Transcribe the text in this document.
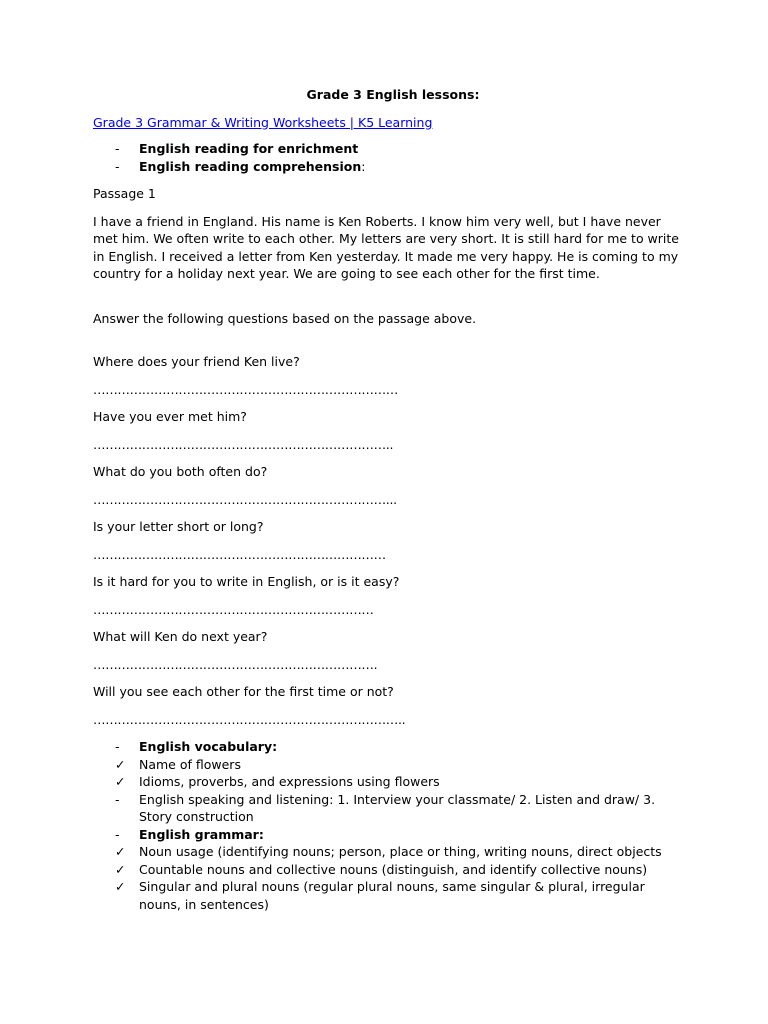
Grade 3 English lessons:
Grade 3 Grammar & Writing Worksheets | K5 Learning
-	English reading for enrichment
-	English reading comprehension:

Passage 1

I have a friend in England. His name is Ken Roberts. I know him very well, but I have never met him. We often write to each other. My letters are very short. It is still hard for me to write in English. I received a letter from Ken yesterday. It made me very happy. He is coming to my country for a holiday next year. We are going to see each other for the first time.

Answer the following questions based on the passage above.

Where does your friend Ken live?
…………………………………………………………………
Have you ever met him?
………………………………………………………………..
What do you both often do?
………………………………………………………………...
Is your letter short or long?
………………………………………………………………
Is it hard for you to write in English, or is it easy?
……………………………………………………………
What will Ken do next year?
…………………………………………………………….
Will you see each other for the first time or not?
…………………………………………………………………..
-	English vocabulary:
✓	Name of flowers
✓	Idioms, proverbs, and expressions using flowers
-	English speaking and listening: 1. Interview your classmate/ 2. Listen and draw/ 3. Story construction
-	English grammar:
✓	Noun usage (identifying nouns; person, place or thing, writing nouns, direct objects
✓	Countable nouns and collective nouns (distinguish, and identify collective nouns)
✓	Singular and plural nouns (regular plural nouns, same singular & plural, irregular nouns, in sentences)
